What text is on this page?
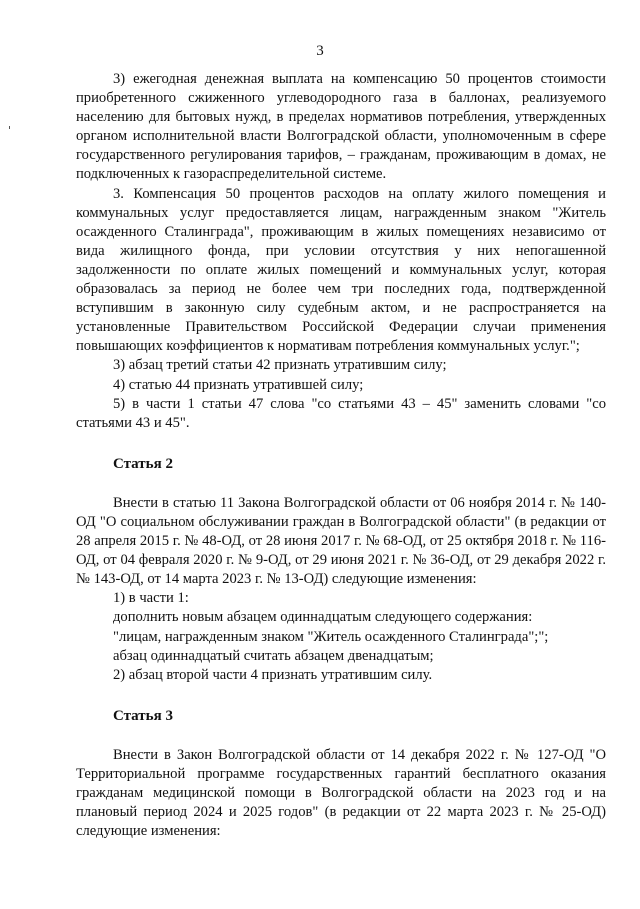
3

3) ежегодная денежная выплата на компенсацию 50 процентов стоимости приобретенного сжиженного углеводородного газа в баллонах, реализуемого населению для бытовых нужд, в пределах нормативов потребления, утвержденных органом исполнительной власти Волгоградской области, уполномоченным в сфере государственного регулирования тарифов, – гражданам, проживающим в домах, не подключенных к газораспределительной системе.

3. Компенсация 50 процентов расходов на оплату жилого помещения и коммунальных услуг предоставляется лицам, награжденным знаком "Житель осажденного Сталинграда", проживающим в жилых помещениях независимо от вида жилищного фонда, при условии отсутствия у них непогашенной задолженности по оплате жилых помещений и коммунальных услуг, которая образовалась за период не более чем три последних года, подтвержденной вступившим в законную силу судебным актом, и не распространяется на установленные Правительством Российской Федерации случаи применения повышающих коэффициентов к нормативам потребления коммунальных услуг.";

3) абзац третий статьи 42 признать утратившим силу;

4) статью 44 признать утратившей силу;

5) в части 1 статьи 47 слова "со статьями 43 – 45" заменить словами "со статьями 43 и 45".

Статья 2

Внести в статью 11 Закона Волгоградской области от 06 ноября 2014 г. № 140-ОД "О социальном обслуживании граждан в Волгоградской области" (в редакции от 28 апреля 2015 г. № 48-ОД, от 28 июня 2017 г. № 68-ОД, от 25 октября 2018 г. № 116-ОД, от 04 февраля 2020 г. № 9-ОД, от 29 июня 2021 г. № 36-ОД, от 29 декабря 2022 г. № 143-ОД, от 14 марта 2023 г. № 13-ОД) следующие изменения:

1) в части 1:

дополнить новым абзацем одиннадцатым следующего содержания:

"лицам, награжденным знаком "Житель осажденного Сталинграда";";

абзац одиннадцатый считать абзацем двенадцатым;

2) абзац второй части 4 признать утратившим силу.

Статья 3

Внести в Закон Волгоградской области от 14 декабря 2022 г. № 127-ОД "О Территориальной программе государственных гарантий бесплатного оказания гражданам медицинской помощи в Волгоградской области на 2023 год и на плановый период 2024 и 2025 годов" (в редакции от 22 марта 2023 г. № 25-ОД) следующие изменения:
